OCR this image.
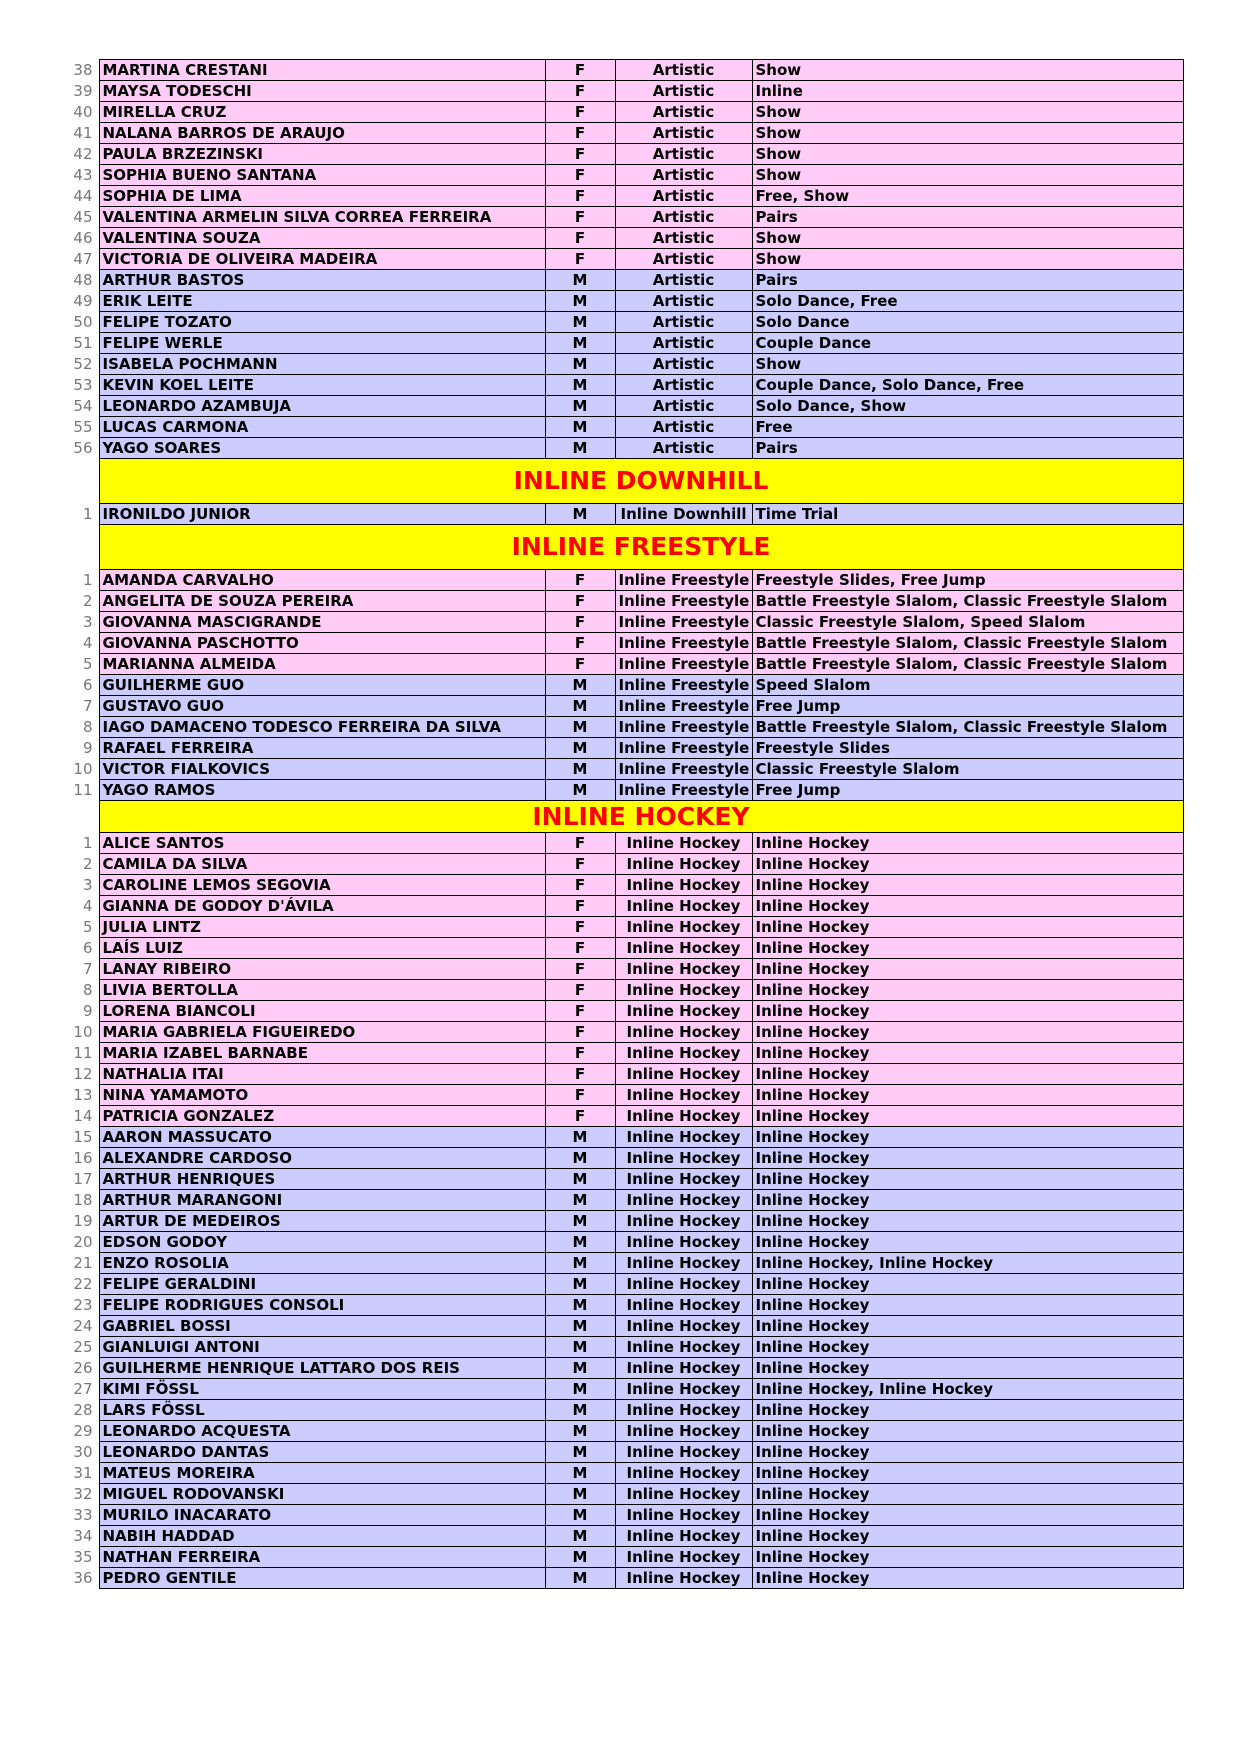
38	MARTINA CRESTANI	F	Artistic	Show
39	MAYSA TODESCHI	F	Artistic	Inline
40	MIRELLA CRUZ	F	Artistic	Show
41	NALANA BARROS DE ARAUJO	F	Artistic	Show
42	PAULA BRZEZINSKI	F	Artistic	Show
43	SOPHIA BUENO SANTANA	F	Artistic	Show
44	SOPHIA DE LIMA	F	Artistic	Free, Show
45	VALENTINA ARMELIN SILVA CORREA FERREIRA	F	Artistic	Pairs
46	VALENTINA SOUZA	F	Artistic	Show
47	VICTORIA DE OLIVEIRA MADEIRA	F	Artistic	Show
48	ARTHUR BASTOS	M	Artistic	Pairs
49	ERIK LEITE	M	Artistic	Solo Dance, Free
50	FELIPE TOZATO	M	Artistic	Solo Dance
51	FELIPE WERLE	M	Artistic	Couple Dance
52	ISABELA POCHMANN	M	Artistic	Show
53	KEVIN KOEL LEITE	M	Artistic	Couple Dance, Solo Dance, Free
54	LEONARDO AZAMBUJA	M	Artistic	Solo Dance, Show
55	LUCAS CARMONA	M	Artistic	Free
56	YAGO SOARES	M	Artistic	Pairs
	INLINE DOWNHILL			
1	IRONILDO JUNIOR	M	Inline Downhill	Time Trial
	INLINE FREESTYLE			
1	AMANDA CARVALHO	F	Inline Freestyle	Freestyle Slides, Free Jump
2	ANGELITA DE SOUZA PEREIRA	F	Inline Freestyle	Battle Freestyle Slalom, Classic Freestyle Slalom
3	GIOVANNA MASCIGRANDE	F	Inline Freestyle	Classic Freestyle Slalom, Speed Slalom
4	GIOVANNA PASCHOTTO	F	Inline Freestyle	Battle Freestyle Slalom, Classic Freestyle Slalom
5	MARIANNA ALMEIDA	F	Inline Freestyle	Battle Freestyle Slalom, Classic Freestyle Slalom
6	GUILHERME GUO	M	Inline Freestyle	Speed Slalom
7	GUSTAVO GUO	M	Inline Freestyle	Free Jump
8	IAGO DAMACENO TODESCO FERREIRA DA SILVA	M	Inline Freestyle	Battle Freestyle Slalom, Classic Freestyle Slalom
9	RAFAEL FERREIRA	M	Inline Freestyle	Freestyle Slides
10	VICTOR FIALKOVICS	M	Inline Freestyle	Classic Freestyle Slalom
11	YAGO RAMOS	M	Inline Freestyle	Free Jump
	INLINE HOCKEY			
1	ALICE SANTOS	F	Inline Hockey	Inline Hockey
2	CAMILA DA SILVA	F	Inline Hockey	Inline Hockey
3	CAROLINE LEMOS SEGOVIA	F	Inline Hockey	Inline Hockey
4	GIANNA DE GODOY D'ÁVILA	F	Inline Hockey	Inline Hockey
5	JULIA LINTZ	F	Inline Hockey	Inline Hockey
6	LAÍS LUIZ	F	Inline Hockey	Inline Hockey
7	LANAY RIBEIRO	F	Inline Hockey	Inline Hockey
8	LIVIA BERTOLLA	F	Inline Hockey	Inline Hockey
9	LORENA BIANCOLI	F	Inline Hockey	Inline Hockey
10	MARIA GABRIELA FIGUEIREDO	F	Inline Hockey	Inline Hockey
11	MARIA IZABEL BARNABE	F	Inline Hockey	Inline Hockey
12	NATHALIA ITAI	F	Inline Hockey	Inline Hockey
13	NINA YAMAMOTO	F	Inline Hockey	Inline Hockey
14	PATRICIA GONZALEZ	F	Inline Hockey	Inline Hockey
15	AARON MASSUCATO	M	Inline Hockey	Inline Hockey
16	ALEXANDRE CARDOSO	M	Inline Hockey	Inline Hockey
17	ARTHUR HENRIQUES	M	Inline Hockey	Inline Hockey
18	ARTHUR MARANGONI	M	Inline Hockey	Inline Hockey
19	ARTUR DE MEDEIROS	M	Inline Hockey	Inline Hockey
20	EDSON GODOY	M	Inline Hockey	Inline Hockey
21	ENZO ROSOLIA	M	Inline Hockey	Inline Hockey, Inline Hockey
22	FELIPE GERALDINI	M	Inline Hockey	Inline Hockey
23	FELIPE RODRIGUES CONSOLI	M	Inline Hockey	Inline Hockey
24	GABRIEL BOSSI	M	Inline Hockey	Inline Hockey
25	GIANLUIGI ANTONI	M	Inline Hockey	Inline Hockey
26	GUILHERME HENRIQUE LATTARO DOS REIS	M	Inline Hockey	Inline Hockey
27	KIMI FÖSSL	M	Inline Hockey	Inline Hockey, Inline Hockey
28	LARS FÖSSL	M	Inline Hockey	Inline Hockey
29	LEONARDO ACQUESTA	M	Inline Hockey	Inline Hockey
30	LEONARDO DANTAS	M	Inline Hockey	Inline Hockey
31	MATEUS MOREIRA	M	Inline Hockey	Inline Hockey
32	MIGUEL RODOVANSKI	M	Inline Hockey	Inline Hockey
33	MURILO INACARATO	M	Inline Hockey	Inline Hockey
34	NABIH HADDAD	M	Inline Hockey	Inline Hockey
35	NATHAN FERREIRA	M	Inline Hockey	Inline Hockey
36	PEDRO GENTILE	M	Inline Hockey	Inline Hockey
